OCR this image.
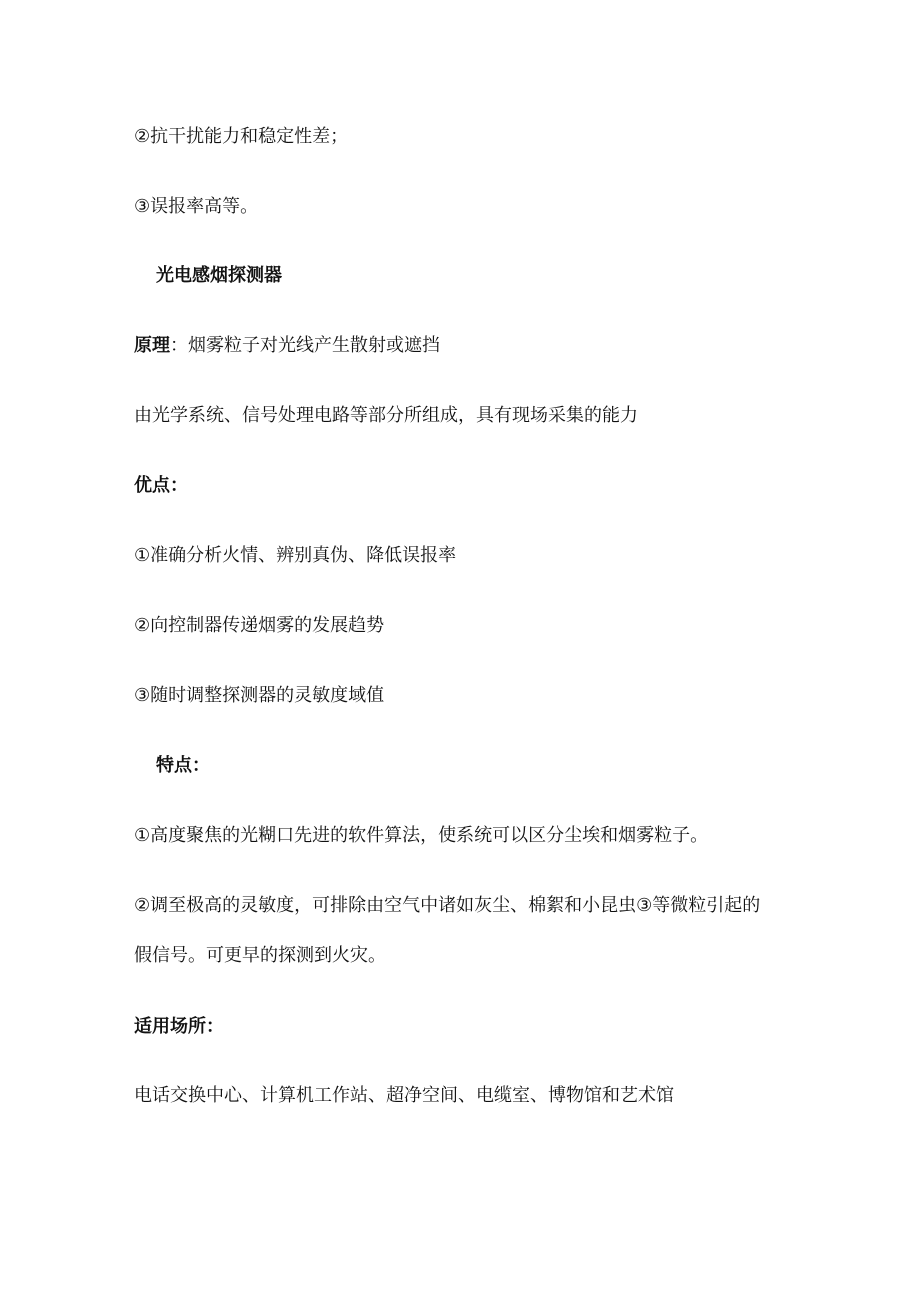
②抗干扰能力和稳定性差；
③误报率高等。
光电感烟探测器
原理：烟雾粒子对光线产生散射或遮挡
由光学系统、信号处理电路等部分所组成，具有现场采集的能力
优点：
①准确分析火情、辨别真伪、降低误报率
②向控制器传递烟雾的发展趋势
③随时调整探测器的灵敏度域值
特点：
①高度聚焦的光糊口先进的软件算法，使系统可以区分尘埃和烟雾粒子。
②调至极高的灵敏度，可排除由空气中诸如灰尘、棉絮和小昆虫③等微粒引起的
假信号。可更早的探测到火灾。
适用场所：
电话交换中心、计算机工作站、超净空间、电缆室、博物馆和艺术馆
